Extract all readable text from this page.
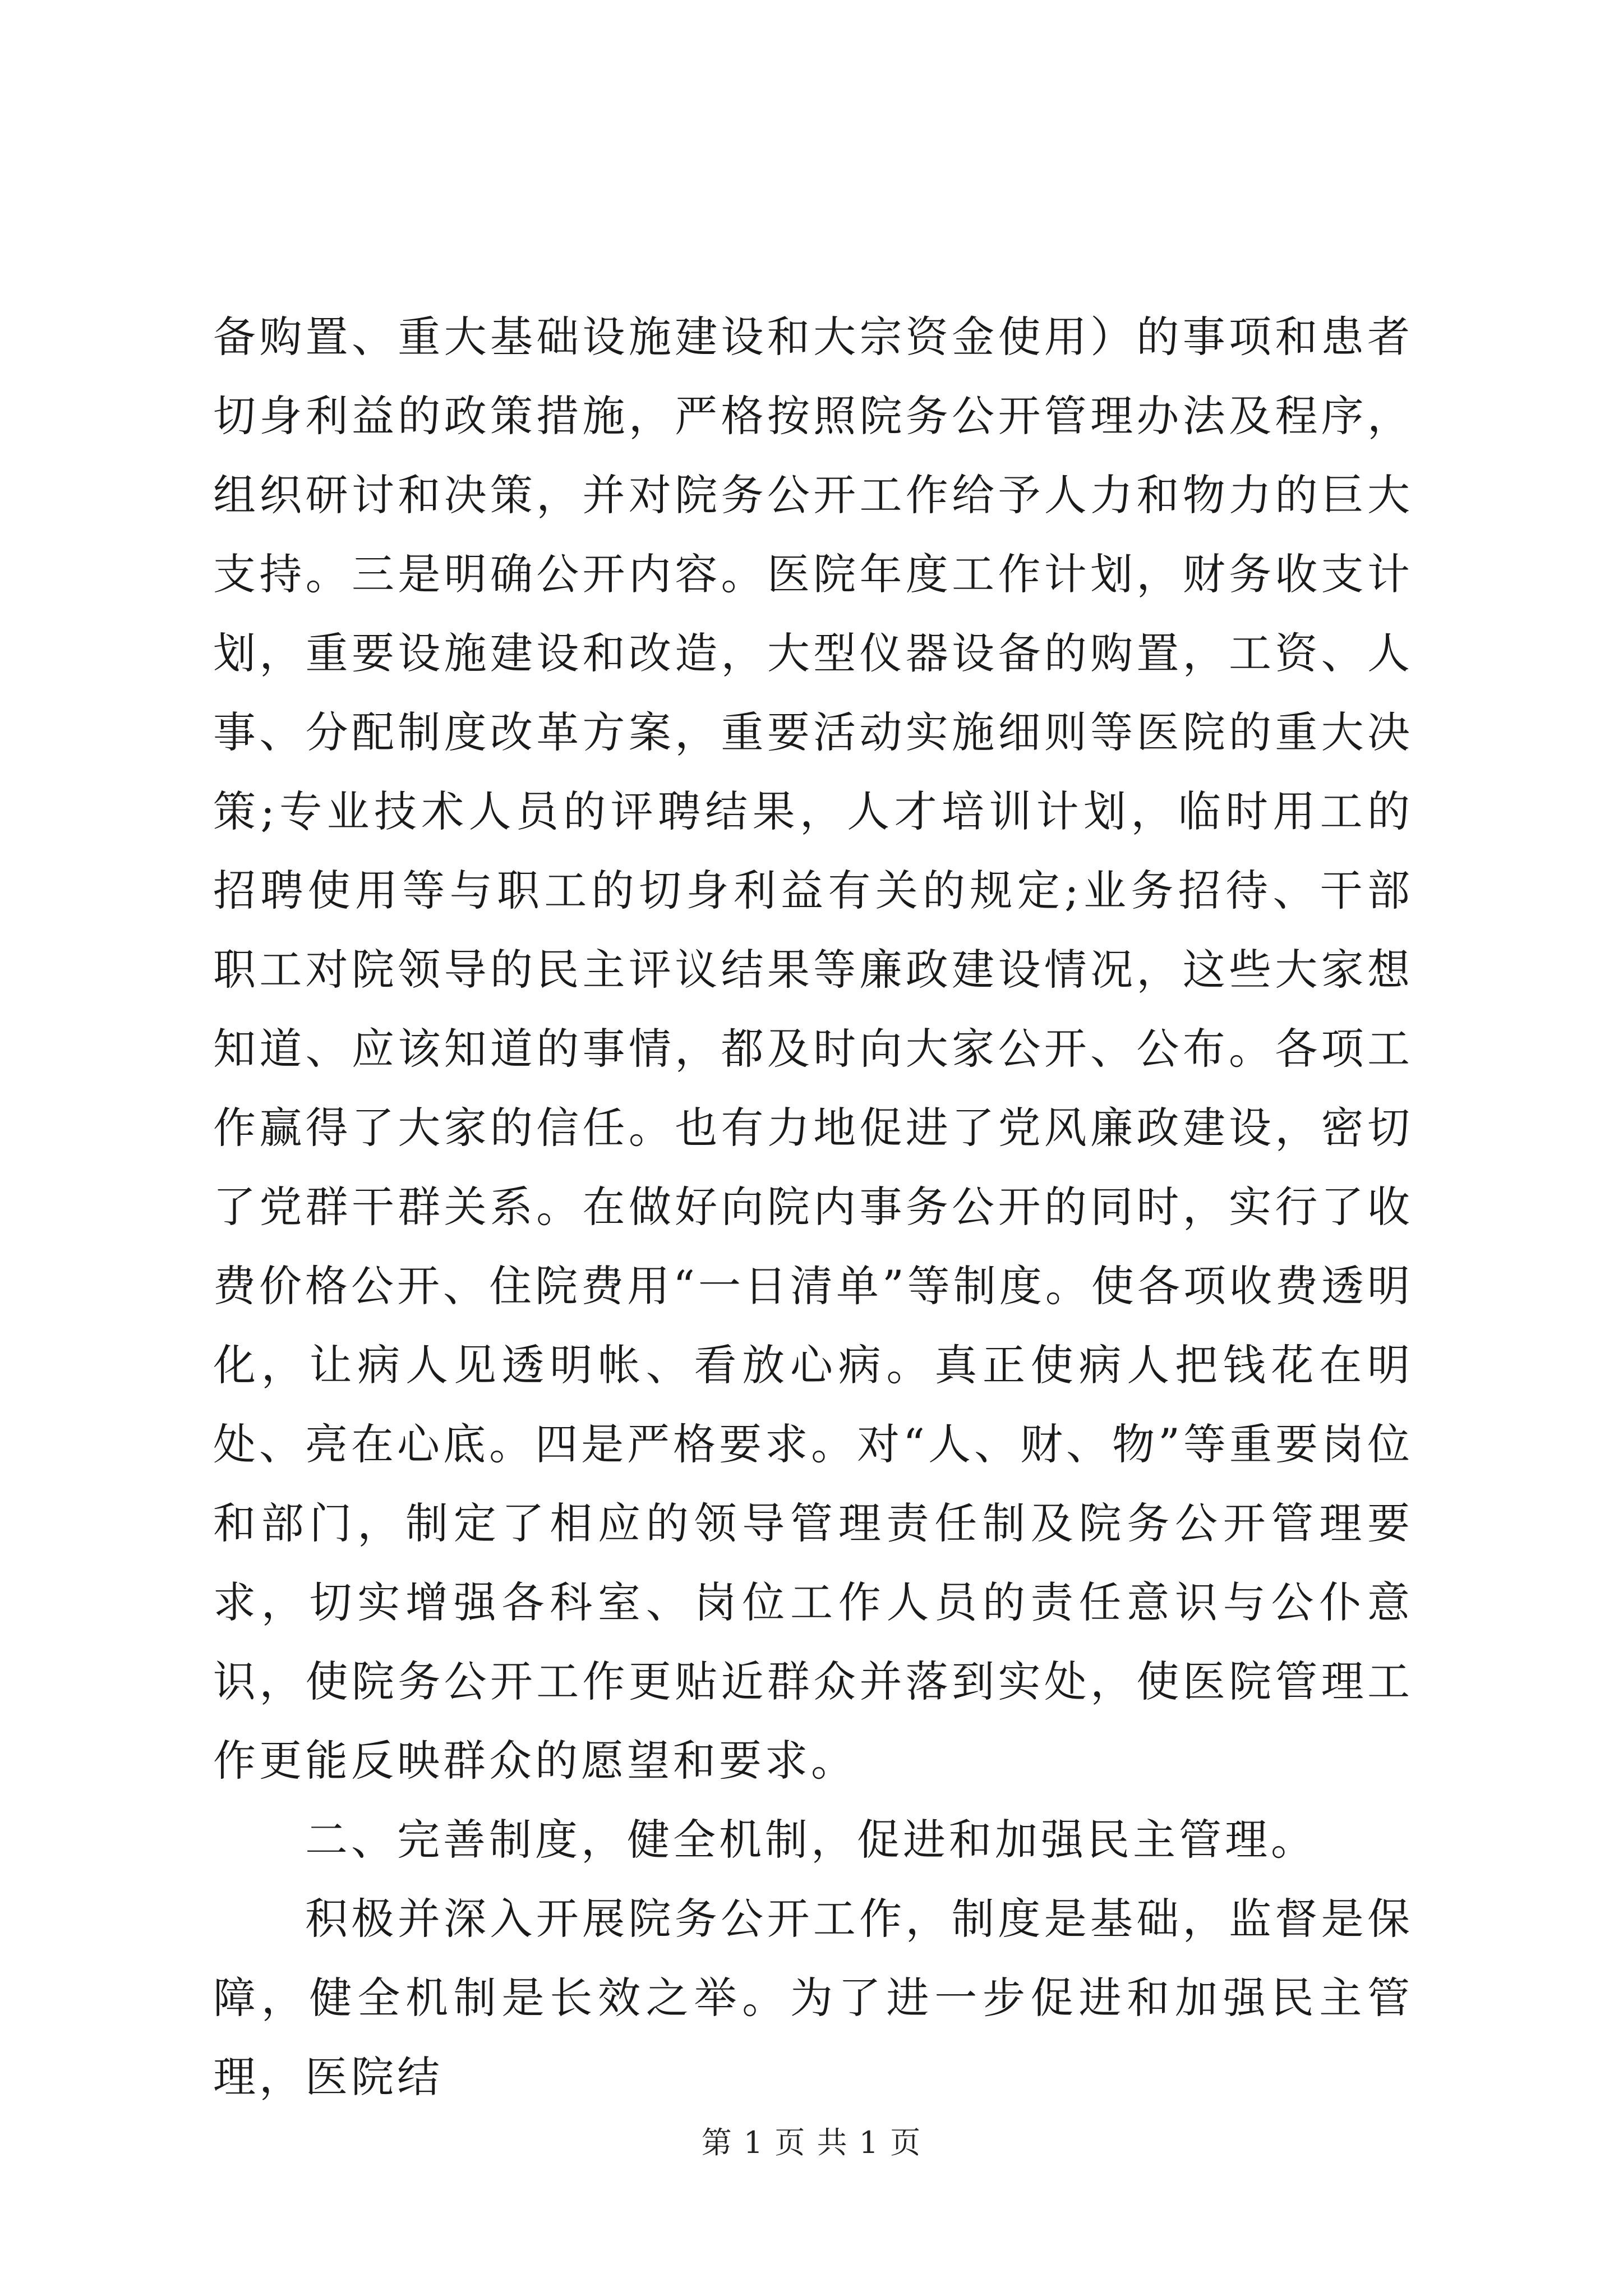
备购置、重大基础设施建设和大宗资金使用）的事项和患者切身利益的政策措施，严格按照院务公开管理办法及程序，组织研讨和决策，并对院务公开工作给予人力和物力的巨大支持。三是明确公开内容。医院年度工作计划，财务收支计划，重要设施建设和改造，大型仪器设备的购置，工资、人事、分配制度改革方案，重要活动实施细则等医院的重大决策;专业技术人员的评聘结果，人才培训计划，临时用工的招聘使用等与职工的切身利益有关的规定;业务招待、干部职工对院领导的民主评议结果等廉政建设情况，这些大家想知道、应该知道的事情，都及时向大家公开、公布。各项工作赢得了大家的信任。也有力地促进了党风廉政建设，密切了党群干群关系。在做好向院内事务公开的同时，实行了收费价格公开、住院费用“一日清单”等制度。使各项收费透明化，让病人见透明帐、看放心病。真正使病人把钱花在明处、亮在心底。四是严格要求。对“人、财、物”等重要岗位和部门，制定了相应的领导管理责任制及院务公开管理要求，切实增强各科室、岗位工作人员的责任意识与公仆意识，使院务公开工作更贴近群众并落到实处，使医院管理工作更能反映群众的愿望和要求。

二、完善制度，健全机制，促进和加强民主管理。

积极并深入开展院务公开工作，制度是基础，监督是保障，健全机制是长效之举。为了进一步促进和加强民主管理，医院结

第 1 页 共 1 页
